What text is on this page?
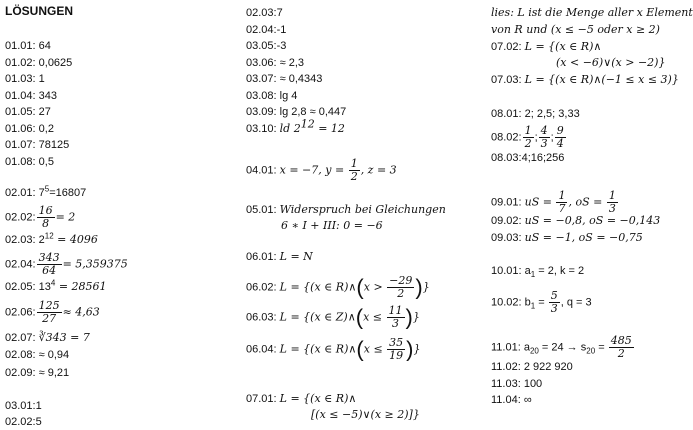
LÖSUNGEN
01.01: 64
01.02: 0,0625
01.03: 1
01.04: 343
01.05: 27
01.06: 0,2
01.07: 78125
01.08: 0,5
02.01: $7^5=16807$
02.02: $\frac{16}{8} = 2$
02.03: $2^{12} = 4096$
02.04: $\frac{343}{64} = 5,359375$
02.05: $13^4 = 28561$
02.06: $\frac{125}{27} \approx 4,63$
02.07: ∛343 = 7
02.08: ≈ 0,94
02.09: ≈ 9,21
03.01:1
02.02:5
02.03:7
02.04:-1
03.05:-3
03.06: ≈ 2,3
03.07: ≈ 0,4343
03.08: lg 4
03.09: lg 2,8 ≈ 0,447
03.10: ld $2^{12} = 12$
04.01: x = −7, $y = \frac{1}{2}$ , z = 3
05.01: Widerspruch bei Gleichungen
6 ∗ I + III: 0 = −6
06.01: L = N
06.02: L = {(x ∈ R)∧(x > $\frac{-29}{2}$ )}
06.03: L = {(x ∈ Z)∧(x ≤ $\frac{11}{3}$ )}
06.04: L = {(x ∈ R)∧(x ≤ $\frac{35}{19}$ )}
07.01: L = {(x ∈ R)∧
[(x ≤ −5)∨(x ≥ 2)]}
lies: L ist die Menge aller x Element
von R und (x ≤ −5 oder x ≥ 2)
07.02: L = {(x ∈ R)∧
(x < −6)∨(x > −2)}
07.03: L = {(x ∈ R)∧(−1 ≤ x ≤ 3)}
08.01: 2; 2,5; 3,33
08.02: $\frac{1}{2}$ ; $\frac{4}{3}$ ; $\frac{9}{4}$
08.03:4;16;256
09.01: uS = $\frac{1}{7}$ , oS = $\frac{1}{3}$
09.02: uS = −0,8, oS = −0,143
09.03: uS = −1, oS = −0,75
10.01: $a_1 = 2$, k = 2
10.02: $b_1 = \frac{5}{3}$ , q = 3
11.01: $a_{20} = 24 \to s_{20} = \frac{485}{2}$
11.02: 2 922 920
11.03: 100
11.04: ∞
